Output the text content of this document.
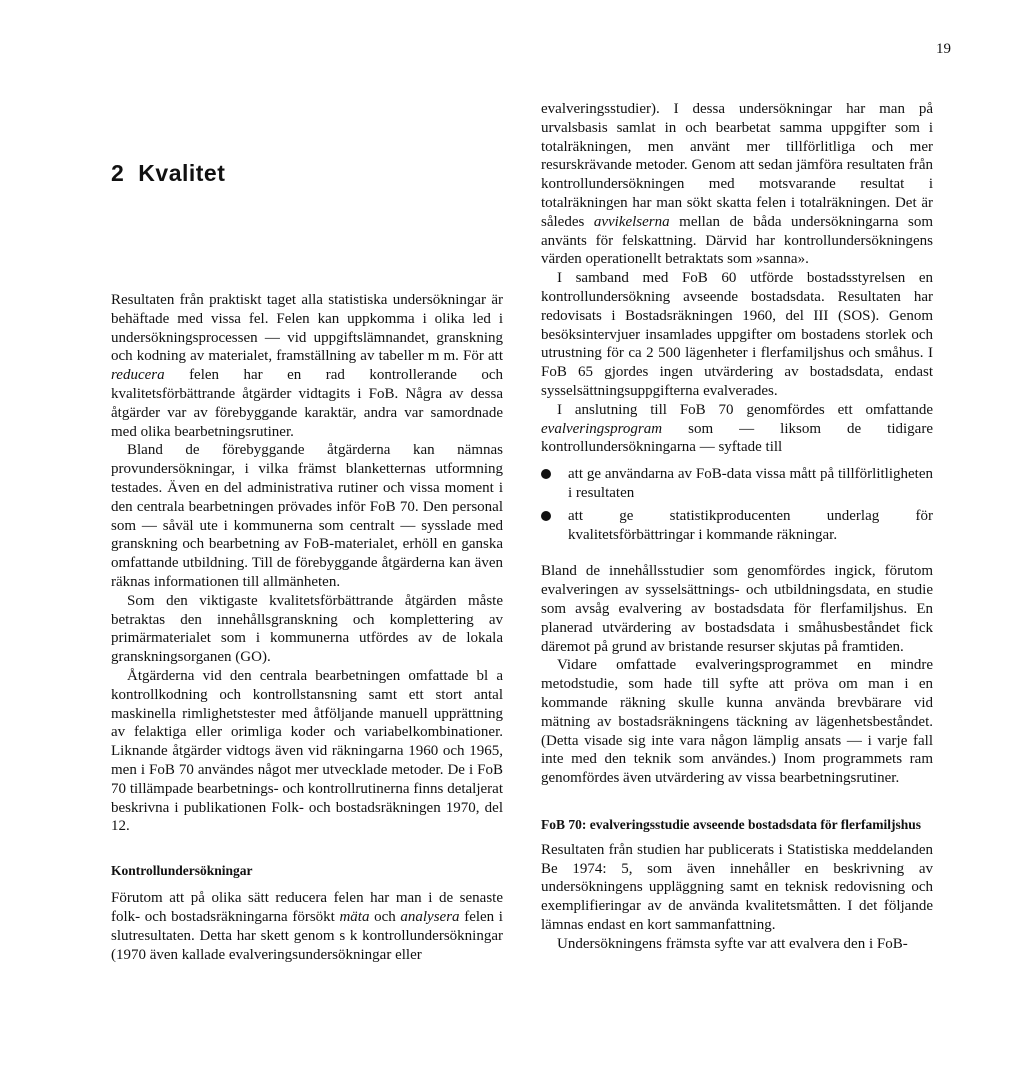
19
2 Kvalitet

Resultaten från praktiskt taget alla statistiska undersökningar är behäftade med vissa fel. Felen kan uppkomma i olika led i undersökningsprocessen — vid uppgiftslämnandet, granskning och kodning av materialet, framställning av tabeller m m. För att reducera felen har en rad kontrollerande och kvalitetsförbättrande åtgärder vidtagits i FoB. Några av dessa åtgärder var av förebyggande karaktär, andra var samordnade med olika bearbetningsrutiner.

Bland de förebyggande åtgärderna kan nämnas provundersökningar, i vilka främst blanketternas utformning testades. Även en del administrativa rutiner och vissa moment i den centrala bearbetningen prövades inför FoB 70. Den personal som — såväl ute i kommunerna som centralt — sysslade med granskning och bearbetning av FoB-materialet, erhöll en ganska omfattande utbildning. Till de förebyggande åtgärderna kan även räknas informationen till allmänheten.

Som den viktigaste kvalitetsförbättrande åtgärden måste betraktas den innehållsgranskning och komplettering av primärmaterialet som i kommunerna utfördes av de lokala granskningsorganen (GO).

Åtgärderna vid den centrala bearbetningen omfattade bl a kontrollkodning och kontrollstansning samt ett stort antal maskinella rimlighetstester med åtföljande manuell upprättning av felaktiga eller orimliga koder och variabelkombinationer. Liknande åtgärder vidtogs även vid räkningarna 1960 och 1965, men i FoB 70 användes något mer utvecklade metoder. De i FoB 70 tillämpade bearbetnings- och kontrollrutinerna finns detaljerat beskrivna i publikationen Folk- och bostadsräkningen 1970, del 12.

Kontrollundersökningar

Förutom att på olika sätt reducera felen har man i de senaste folk- och bostadsräkningarna försökt mäta och analysera felen i slutresultaten. Detta har skett genom s k kontrollundersökningar (1970 även kallade evalveringsundersökningar eller

evalveringsstudier). I dessa undersökningar har man på urvalsbasis samlat in och bearbetat samma uppgifter som i totalräkningen, men använt mer tillförlitliga och mer resurskrävande metoder. Genom att sedan jämföra resultaten från kontrollundersökningen med motsvarande resultat i totalräkningen har man sökt skatta felen i totalräkningen. Det är således avvikelserna mellan de båda undersökningarna som använts för felskattning. Därvid har kontrollundersökningens värden operationellt betraktats som »sanna».

I samband med FoB 60 utförde bostadsstyrelsen en kontrollundersökning avseende bostadsdata. Resultaten har redovisats i Bostadsräkningen 1960, del III (SOS). Genom besöksintervjuer insamlades uppgifter om bostadens storlek och utrustning för ca 2 500 lägenheter i flerfamiljshus och småhus. I FoB 65 gjordes ingen utvärdering av bostadsdata, endast sysselsättningsuppgifterna evalverades.

I anslutning till FoB 70 genomfördes ett omfattande evalveringsprogram som — liksom de tidigare kontrollundersökningarna — syftade till

att ge användarna av FoB-data vissa mått på tillförlitligheten i resultaten
att ge statistikproducenten underlag för kvalitetsförbättringar i kommande räkningar.

Bland de innehållsstudier som genomfördes ingick, förutom evalveringen av sysselsättnings- och utbildningsdata, en studie som avsåg evalvering av bostadsdata för flerfamiljshus. En planerad utvärdering av bostadsdata i småhusbeståndet fick däremot på grund av bristande resurser skjutas på framtiden.

Vidare omfattade evalveringsprogrammet en mindre metodstudie, som hade till syfte att pröva om man i en kommande räkning skulle kunna använda brevbärare vid mätning av bostadsräkningens täckning av lägenhetsbeståndet. (Detta visade sig inte vara någon lämplig ansats — i varje fall inte med den teknik som användes.) Inom programmets ram genomfördes även utvärdering av vissa bearbetningsrutiner.

FoB 70: evalveringsstudie avseende bostadsdata för flerfamiljshus

Resultaten från studien har publicerats i Statistiska meddelanden Be 1974: 5, som även innehåller en beskrivning av undersökningens uppläggning samt en teknisk redovisning och exemplifieringar av de använda kvalitetsmåtten. I det följande lämnas endast en kort sammanfattning.

Undersökningens främsta syfte var att evalvera den i FoB-
